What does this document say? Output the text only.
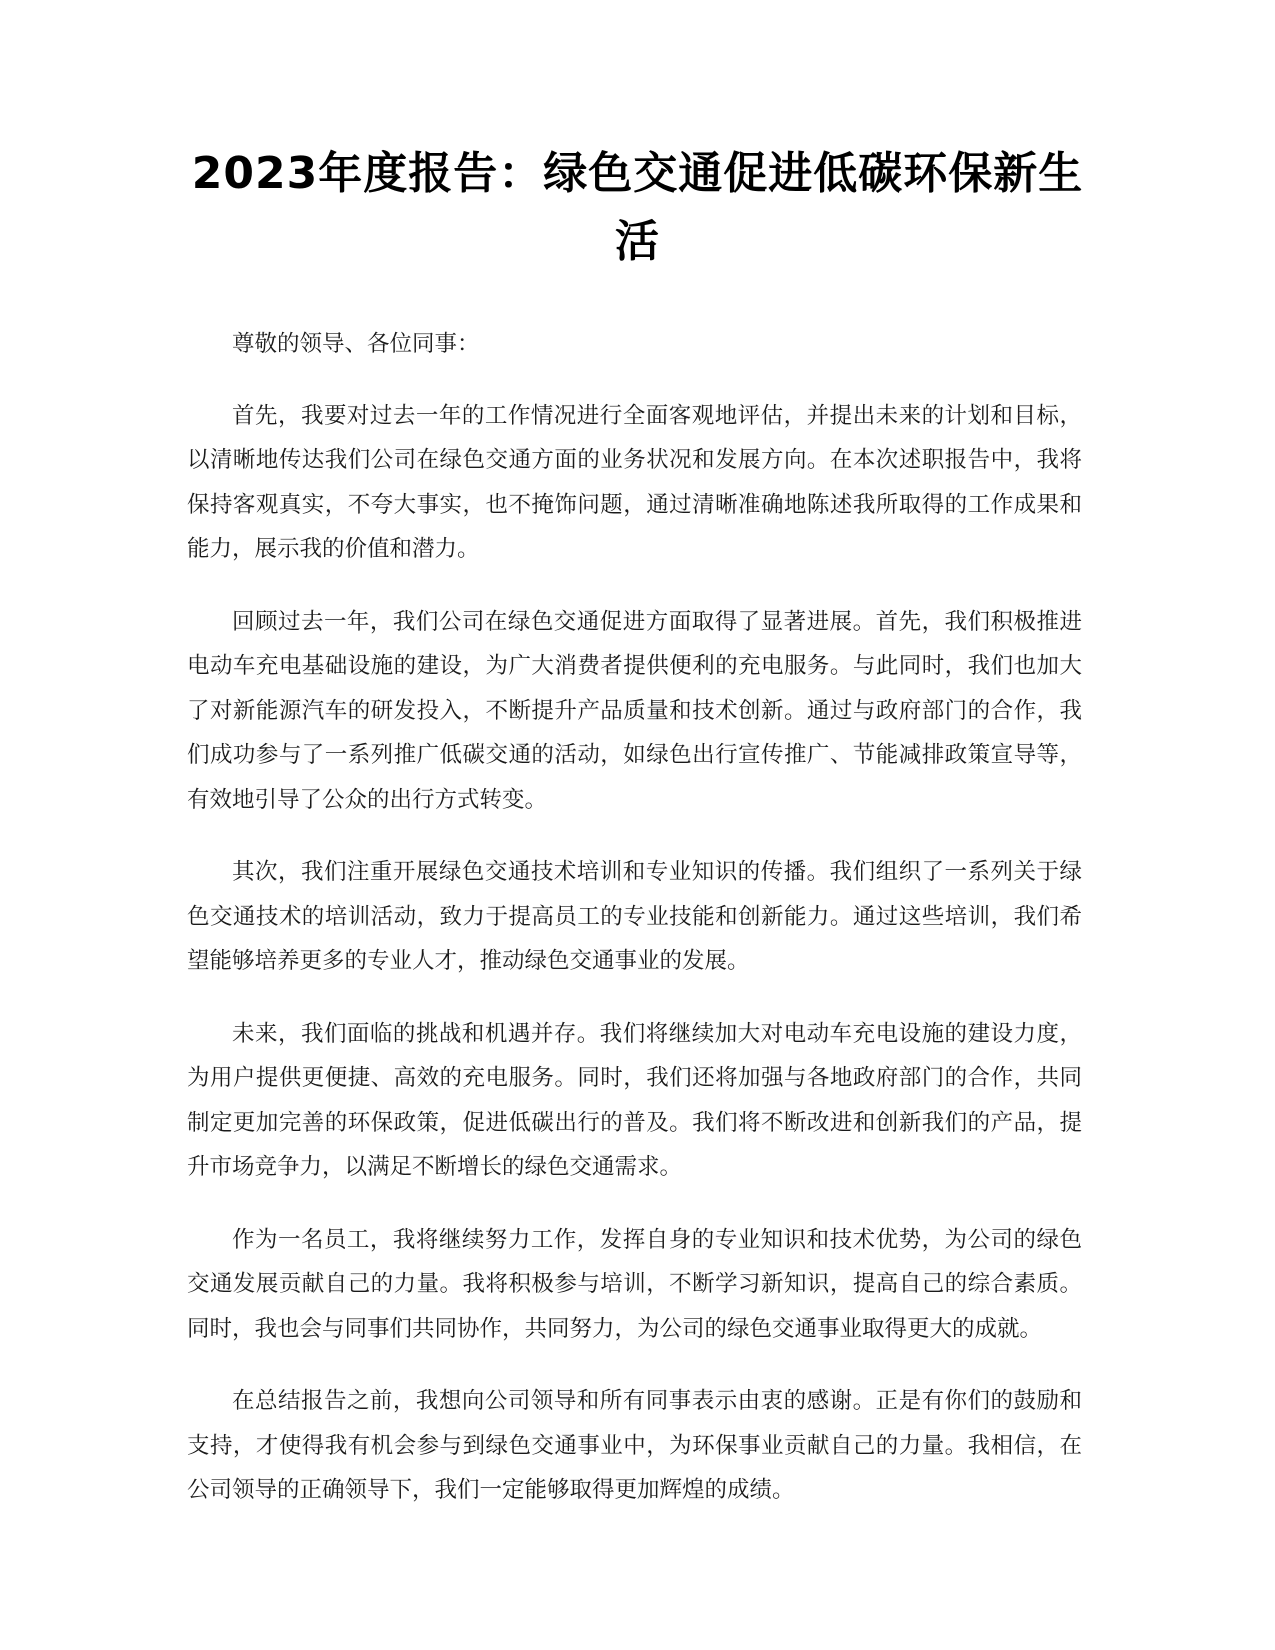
2023年度报告：绿色交通促进低碳环保新生活

尊敬的领导、各位同事：

首先，我要对过去一年的工作情况进行全面客观地评估，并提出未来的计划和目标，以清晰地传达我们公司在绿色交通方面的业务状况和发展方向。在本次述职报告中，我将保持客观真实，不夸大事实，也不掩饰问题，通过清晰准确地陈述我所取得的工作成果和能力，展示我的价值和潜力。

回顾过去一年，我们公司在绿色交通促进方面取得了显著进展。首先，我们积极推进电动车充电基础设施的建设，为广大消费者提供便利的充电服务。与此同时，我们也加大了对新能源汽车的研发投入，不断提升产品质量和技术创新。通过与政府部门的合作，我们成功参与了一系列推广低碳交通的活动，如绿色出行宣传推广、节能减排政策宣导等，有效地引导了公众的出行方式转变。

其次，我们注重开展绿色交通技术培训和专业知识的传播。我们组织了一系列关于绿色交通技术的培训活动，致力于提高员工的专业技能和创新能力。通过这些培训，我们希望能够培养更多的专业人才，推动绿色交通事业的发展。

未来，我们面临的挑战和机遇并存。我们将继续加大对电动车充电设施的建设力度，为用户提供更便捷、高效的充电服务。同时，我们还将加强与各地政府部门的合作，共同制定更加完善的环保政策，促进低碳出行的普及。我们将不断改进和创新我们的产品，提升市场竞争力，以满足不断增长的绿色交通需求。

作为一名员工，我将继续努力工作，发挥自身的专业知识和技术优势，为公司的绿色交通发展贡献自己的力量。我将积极参与培训，不断学习新知识，提高自己的综合素质。同时，我也会与同事们共同协作，共同努力，为公司的绿色交通事业取得更大的成就。

在总结报告之前，我想向公司领导和所有同事表示由衷的感谢。正是有你们的鼓励和支持，才使得我有机会参与到绿色交通事业中，为环保事业贡献自己的力量。我相信，在公司领导的正确领导下，我们一定能够取得更加辉煌的成绩。
